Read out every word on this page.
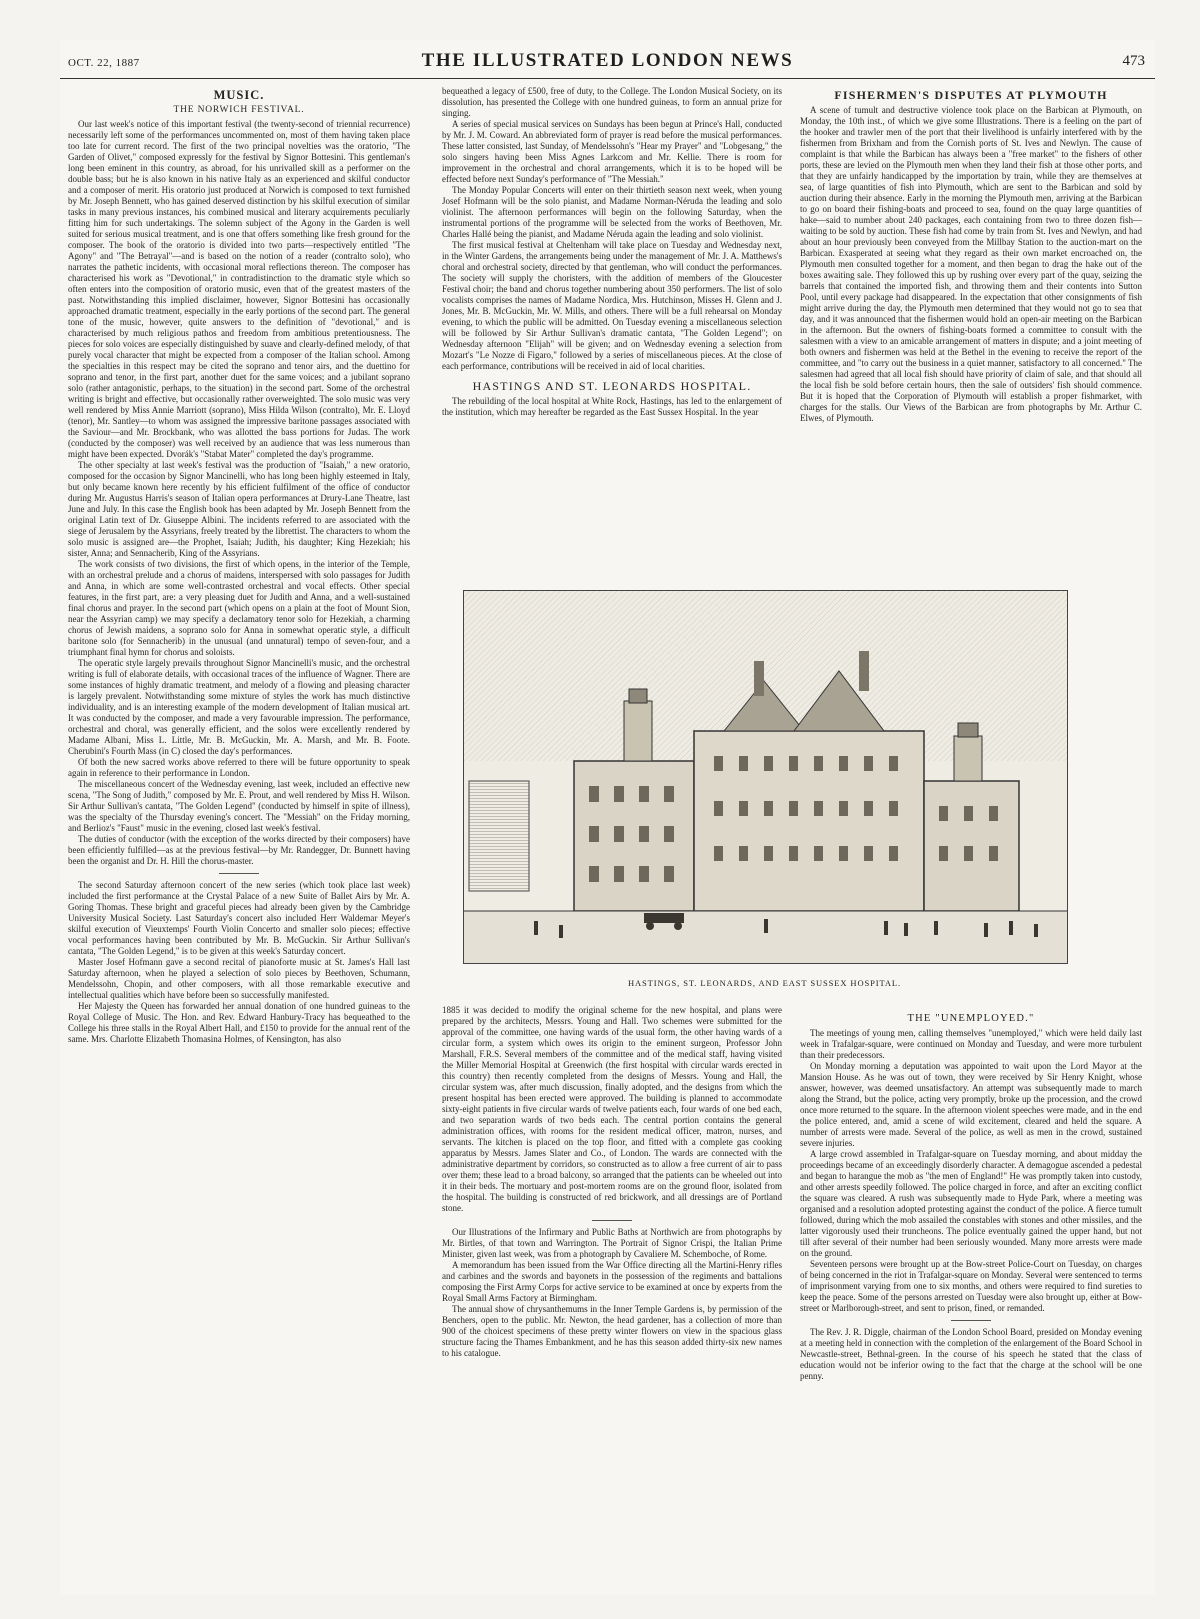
OCT. 22, 1887	THE ILLUSTRATED LONDON NEWS	473
MUSIC.
THE NORWICH FESTIVAL.

Our last week's notice of this important festival (the twenty-second of triennial recurrence) necessarily left some of the performances uncommented on, most of them having taken place too late for current record. The first of the two principal novelties was the oratorio, "The Garden of Olivet," composed expressly for the festival by Signor Bottesini. This gentleman's long been eminent in this country, as abroad, for his unrivalled skill as a performer on the double bass; but he is also known in his native Italy as an experienced and skilful conductor and a composer of merit. His oratorio just produced at Norwich is composed to text furnished by Mr. Joseph Bennett, who has gained deserved distinction by his skilful execution of similar tasks in many previous instances, his combined musical and literary acquirements peculiarly fitting him for such undertakings. The solemn subject of the Agony in the Garden is well suited for serious musical treatment, and is one that offers something like fresh ground for the composer. The book of the oratorio is divided into two parts—respectively entitled "The Agony" and "The Betrayal"—and is based on the notion of a reader (contralto solo), who narrates the pathetic incidents, with occasional moral reflections thereon. The composer has characterised his work as "Devotional," in contradistinction to the dramatic style which so often enters into the composition of oratorio music, even that of the greatest masters of the past. Notwithstanding this implied disclaimer, however, Signor Bottesini has occasionally approached dramatic treatment, especially in the early portions of the second part. The general tone of the music, however, quite answers to the definition of "devotional," and is characterised by much religious pathos and freedom from ambitious pretentiousness. The pieces for solo voices are especially distinguished by suave and clearly-defined melody, of that purely vocal character that might be expected from a composer of the Italian school. Among the specialties in this respect may be cited the soprano and tenor airs, and the duettino for soprano and tenor, in the first part, another duet for the same voices; and a jubilant soprano solo (rather antagonistic, perhaps, to the situation) in the second part. Some of the orchestral writing is bright and effective, but occasionally rather overweighted. The solo music was very well rendered by Miss Annie Marriott (soprano), Miss Hilda Wilson (contralto), Mr. E. Lloyd (tenor), Mr. Santley—to whom was assigned the impressive baritone passages associated with the Saviour—and Mr. Brockbank, who was allotted the bass portions for Judas. The work (conducted by the composer) was well received by an audience that was less numerous than might have been expected. Dvorák's "Stabat Mater" completed the day's programme.

The other specialty at last week's festival was the production of "Isaiah," a new oratorio, composed for the occasion by Signor Mancinelli, who has long been highly esteemed in Italy, but only became known here recently by his efficient fulfilment of the office of conductor during Mr. Augustus Harris's season of Italian opera performances at Drury-Lane Theatre, last June and July. In this case the English book has been adapted by Mr. Joseph Bennett from the original Latin text of Dr. Giuseppe Albini. The incidents referred to are associated with the siege of Jerusalem by the Assyrians, freely treated by the librettist. The characters to whom the solo music is assigned are—the Prophet, Isaiah; Judith, his daughter; King Hezekiah; his sister, Anna; and Sennacherib, King of the Assyrians.

The work consists of two divisions, the first of which opens, in the interior of the Temple, with an orchestral prelude and a chorus of maidens, interspersed with solo passages for Judith and Anna, in which are some well-contrasted orchestral and vocal effects. Other special features, in the first part, are: a very pleasing duet for Judith and Anna, and a well-sustained final chorus and prayer. In the second part (which opens on a plain at the foot of Mount Sion, near the Assyrian camp) we may specify a declamatory tenor solo for Hezekiah, a charming chorus of Jewish maidens, a soprano solo for Anna in somewhat operatic style, a difficult baritone solo (for Sennacherib) in the unusual (and unnatural) tempo of seven-four, and a triumphant final hymn for chorus and soloists.

The operatic style largely prevails throughout Signor Mancinelli's music, and the orchestral writing is full of elaborate details, with occasional traces of the influence of Wagner. There are some instances of highly dramatic treatment, and melody of a flowing and pleasing character is largely prevalent. Notwithstanding some mixture of styles the work has much distinctive individuality, and is an interesting example of the modern development of Italian musical art. It was conducted by the composer, and made a very favourable impression. The performance, orchestral and choral, was generally efficient, and the solos were excellently rendered by Madame Albani, Miss L. Little, Mr. B. McGuckin, Mr. A. Marsh, and Mr. B. Foote. Cherubini's Fourth Mass (in C) closed the day's performances.

Of both the new sacred works above referred to there will be future opportunity to speak again in reference to their performance in London.

The miscellaneous concert of the Wednesday evening, last week, included an effective new scena, "The Song of Judith," composed by Mr. E. Prout, and well rendered by Miss H. Wilson. Sir Arthur Sullivan's cantata, "The Golden Legend" (conducted by himself in spite of illness), was the specialty of the Thursday evening's concert. The "Messiah" on the Friday morning, and Berlioz's "Faust" music in the evening, closed last week's festival.

The duties of conductor (with the exception of the works directed by their composers) have been efficiently fulfilled—as at the previous festival—by Mr. Randegger, Dr. Bunnett having been the organist and Dr. H. Hill the chorus-master.

The second Saturday afternoon concert of the new series (which took place last week) included the first performance at the Crystal Palace of a new Suite of Ballet Airs by Mr. A. Goring Thomas. These bright and graceful pieces had already been given by the Cambridge University Musical Society. Last Saturday's concert also included Herr Waldemar Meyer's skilful execution of Vieuxtemps' Fourth Violin Concerto and smaller solo pieces; effective vocal performances having been contributed by Mr. B. McGuckin. Sir Arthur Sullivan's cantata, "The Golden Legend," is to be given at this week's Saturday concert.

Master Josef Hofmann gave a second recital of pianoforte music at St. James's Hall last Saturday afternoon, when he played a selection of solo pieces by Beethoven, Schumann, Mendelssohn, Chopin, and other composers, with all those remarkable executive and intellectual qualities which have before been so successfully manifested.

Her Majesty the Queen has forwarded her annual donation of one hundred guineas to the Royal College of Music. The Hon. and Rev. Edward Hanbury-Tracy has bequeathed to the College his three stalls in the Royal Albert Hall, and £150 to provide for the annual rent of the same. Mrs. Charlotte Elizabeth Thomasina Holmes, of Kensington, has also

bequeathed a legacy of £500, free of duty, to the College. The London Musical Society, on its dissolution, has presented the College with one hundred guineas, to form an annual prize for singing.

A series of special musical services on Sundays has been begun at Prince's Hall, conducted by Mr. J. M. Coward. An abbreviated form of prayer is read before the musical performances. These latter consisted, last Sunday, of Mendelssohn's "Hear my Prayer" and "Lobgesang," the solo singers having been Miss Agnes Larkcom and Mr. Kellie. There is room for improvement in the orchestral and choral arrangements, which it is to be hoped will be effected before next Sunday's performance of "The Messiah."

The Monday Popular Concerts will enter on their thirtieth season next week, when young Josef Hofmann will be the solo pianist, and Madame Norman-Néruda the leading and solo violinist. The afternoon performances will begin on the following Saturday, when the instrumental portions of the programme will be selected from the works of Beethoven, Mr. Charles Hallé being the pianist, and Madame Néruda again the leading and solo violinist.

The first musical festival at Cheltenham will take place on Tuesday and Wednesday next, in the Winter Gardens, the arrangements being under the management of Mr. J. A. Matthews's choral and orchestral society, directed by that gentleman, who will conduct the performances. The society will supply the choristers, with the addition of members of the Gloucester Festival choir; the band and chorus together numbering about 350 performers. The list of solo vocalists comprises the names of Madame Nordica, Mrs. Hutchinson, Misses H. Glenn and J. Jones, Mr. B. McGuckin, Mr. W. Mills, and others. There will be a full rehearsal on Monday evening, to which the public will be admitted. On Tuesday evening a miscellaneous selection will be followed by Sir Arthur Sullivan's dramatic cantata, "The Golden Legend"; on Wednesday afternoon "Elijah" will be given; and on Wednesday evening a selection from Mozart's "Le Nozze di Figaro," followed by a series of miscellaneous pieces. At the close of each performance, contributions will be received in aid of local charities.

HASTINGS AND ST. LEONARDS HOSPITAL.

The rebuilding of the local hospital at White Rock, Hastings, has led to the enlargement of the institution, which may hereafter be regarded as the East Sussex Hospital. In the year

FISHERMEN'S DISPUTES AT PLYMOUTH

A scene of tumult and destructive violence took place on the Barbican at Plymouth, on Monday, the 10th inst., of which we give some Illustrations. There is a feeling on the part of the hooker and trawler men of the port that their livelihood is unfairly interfered with by the fishermen from Brixham and from the Cornish ports of St. Ives and Newlyn. The cause of complaint is that while the Barbican has always been a "free market" to the fishers of other ports, these are levied on the Plymouth men when they land their fish at those other ports, and that they are unfairly handicapped by the importation by train, while they are themselves at sea, of large quantities of fish into Plymouth, which are sent to the Barbican and sold by auction during their absence. Early in the morning the Plymouth men, arriving at the Barbican to go on board their fishing-boats and proceed to sea, found on the quay large quantities of hake—said to number about 240 packages, each containing from two to three dozen fish—waiting to be sold by auction. These fish had come by train from St. Ives and Newlyn, and had about an hour previously been conveyed from the Millbay Station to the auction-mart on the Barbican. Exasperated at seeing what they regard as their own market encroached on, the Plymouth men consulted together for a moment, and then began to drag the hake out of the boxes awaiting sale. They followed this up by rushing over every part of the quay, seizing the barrels that contained the imported fish, and throwing them and their contents into Sutton Pool, until every package had disappeared. In the expectation that other consignments of fish might arrive during the day, the Plymouth men determined that they would not go to sea that day, and it was announced that the fishermen would hold an open-air meeting on the Barbican in the afternoon. But the owners of fishing-boats formed a committee to consult with the salesmen with a view to an amicable arrangement of matters in dispute; and a joint meeting of both owners and fishermen was held at the Bethel in the evening to receive the report of the committee, and "to carry out the business in a quiet manner, satisfactory to all concerned." The salesmen had agreed that all local fish should have priority of claim of sale, and that should all the local fish be sold before certain hours, then the sale of outsiders' fish should commence. But it is hoped that the Corporation of Plymouth will establish a proper fishmarket, with charges for the stalls. Our Views of the Barbican are from photographs by Mr. Arthur C. Elwes, of Plymouth.

HASTINGS, ST. LEONARDS, AND EAST SUSSEX HOSPITAL.

1885 it was decided to modify the original scheme for the new hospital, and plans were prepared by the architects, Messrs. Young and Hall. Two schemes were submitted for the approval of the committee, one having wards of the usual form, the other having wards of a circular form, a system which owes its origin to the eminent surgeon, Professor John Marshall, F.R.S. Several members of the committee and of the medical staff, having visited the Miller Memorial Hospital at Greenwich (the first hospital with circular wards erected in this country) then recently completed from the designs of Messrs. Young and Hall, the circular system was, after much discussion, finally adopted, and the designs from which the present hospital has been erected were approved. The building is planned to accommodate sixty-eight patients in five circular wards of twelve patients each, four wards of one bed each, and two separation wards of two beds each. The central portion contains the general administration offices, with rooms for the resident medical officer, matron, nurses, and servants. The kitchen is placed on the top floor, and fitted with a complete gas cooking apparatus by Messrs. James Slater and Co., of London. The wards are connected with the administrative department by corridors, so constructed as to allow a free current of air to pass over them; these lead to a broad balcony, so arranged that the patients can be wheeled out into it in their beds. The mortuary and post-mortem rooms are on the ground floor, isolated from the hospital. The building is constructed of red brickwork, and all dressings are of Portland stone.

Our Illustrations of the Infirmary and Public Baths at Northwich are from photographs by Mr. Birtles, of that town and Warrington. The Portrait of Signor Crispi, the Italian Prime Minister, given last week, was from a photograph by Cavaliere M. Schemboche, of Rome.

A memorandum has been issued from the War Office directing all the Martini-Henry rifles and carbines and the swords and bayonets in the possession of the regiments and battalions composing the First Army Corps for active service to be examined at once by experts from the Royal Small Arms Factory at Birmingham.

The annual show of chrysanthemums in the Inner Temple Gardens is, by permission of the Benchers, open to the public. Mr. Newton, the head gardener, has a collection of more than 900 of the choicest specimens of these pretty winter flowers on view in the spacious glass structure facing the Thames Embankment, and he has this season added thirty-six new names to his catalogue.

THE "UNEMPLOYED."

The meetings of young men, calling themselves "unemployed," which were held daily last week in Trafalgar-square, were continued on Monday and Tuesday, and were more turbulent than their predecessors.

On Monday morning a deputation was appointed to wait upon the Lord Mayor at the Mansion House. As he was out of town, they were received by Sir Henry Knight, whose answer, however, was deemed unsatisfactory. An attempt was subsequently made to march along the Strand, but the police, acting very promptly, broke up the procession, and the crowd once more returned to the square. In the afternoon violent speeches were made, and in the end the police entered, and, amid a scene of wild excitement, cleared and held the square. A number of arrests were made. Several of the police, as well as men in the crowd, sustained severe injuries.

A large crowd assembled in Trafalgar-square on Tuesday morning, and about midday the proceedings became of an exceedingly disorderly character. A demagogue ascended a pedestal and began to harangue the mob as "the men of England!" He was promptly taken into custody, and other arrests speedily followed. The police charged in force, and after an exciting conflict the square was cleared. A rush was subsequently made to Hyde Park, where a meeting was organised and a resolution adopted protesting against the conduct of the police. A fierce tumult followed, during which the mob assailed the constables with stones and other missiles, and the latter vigorously used their truncheons. The police eventually gained the upper hand, but not till after several of their number had been seriously wounded. Many more arrests were made on the ground.

Seventeen persons were brought up at the Bow-street Police-Court on Tuesday, on charges of being concerned in the riot in Trafalgar-square on Monday. Several were sentenced to terms of imprisonment varying from one to six months, and others were required to find sureties to keep the peace. Some of the persons arrested on Tuesday were also brought up, either at Bow-street or Marlborough-street, and sent to prison, fined, or remanded.

The Rev. J. R. Diggle, chairman of the London School Board, presided on Monday evening at a meeting held in connection with the completion of the enlargement of the Board School in Newcastle-street, Bethnal-green. In the course of his speech he stated that the class of education would not be inferior owing to the fact that the charge at the school will be one penny.
